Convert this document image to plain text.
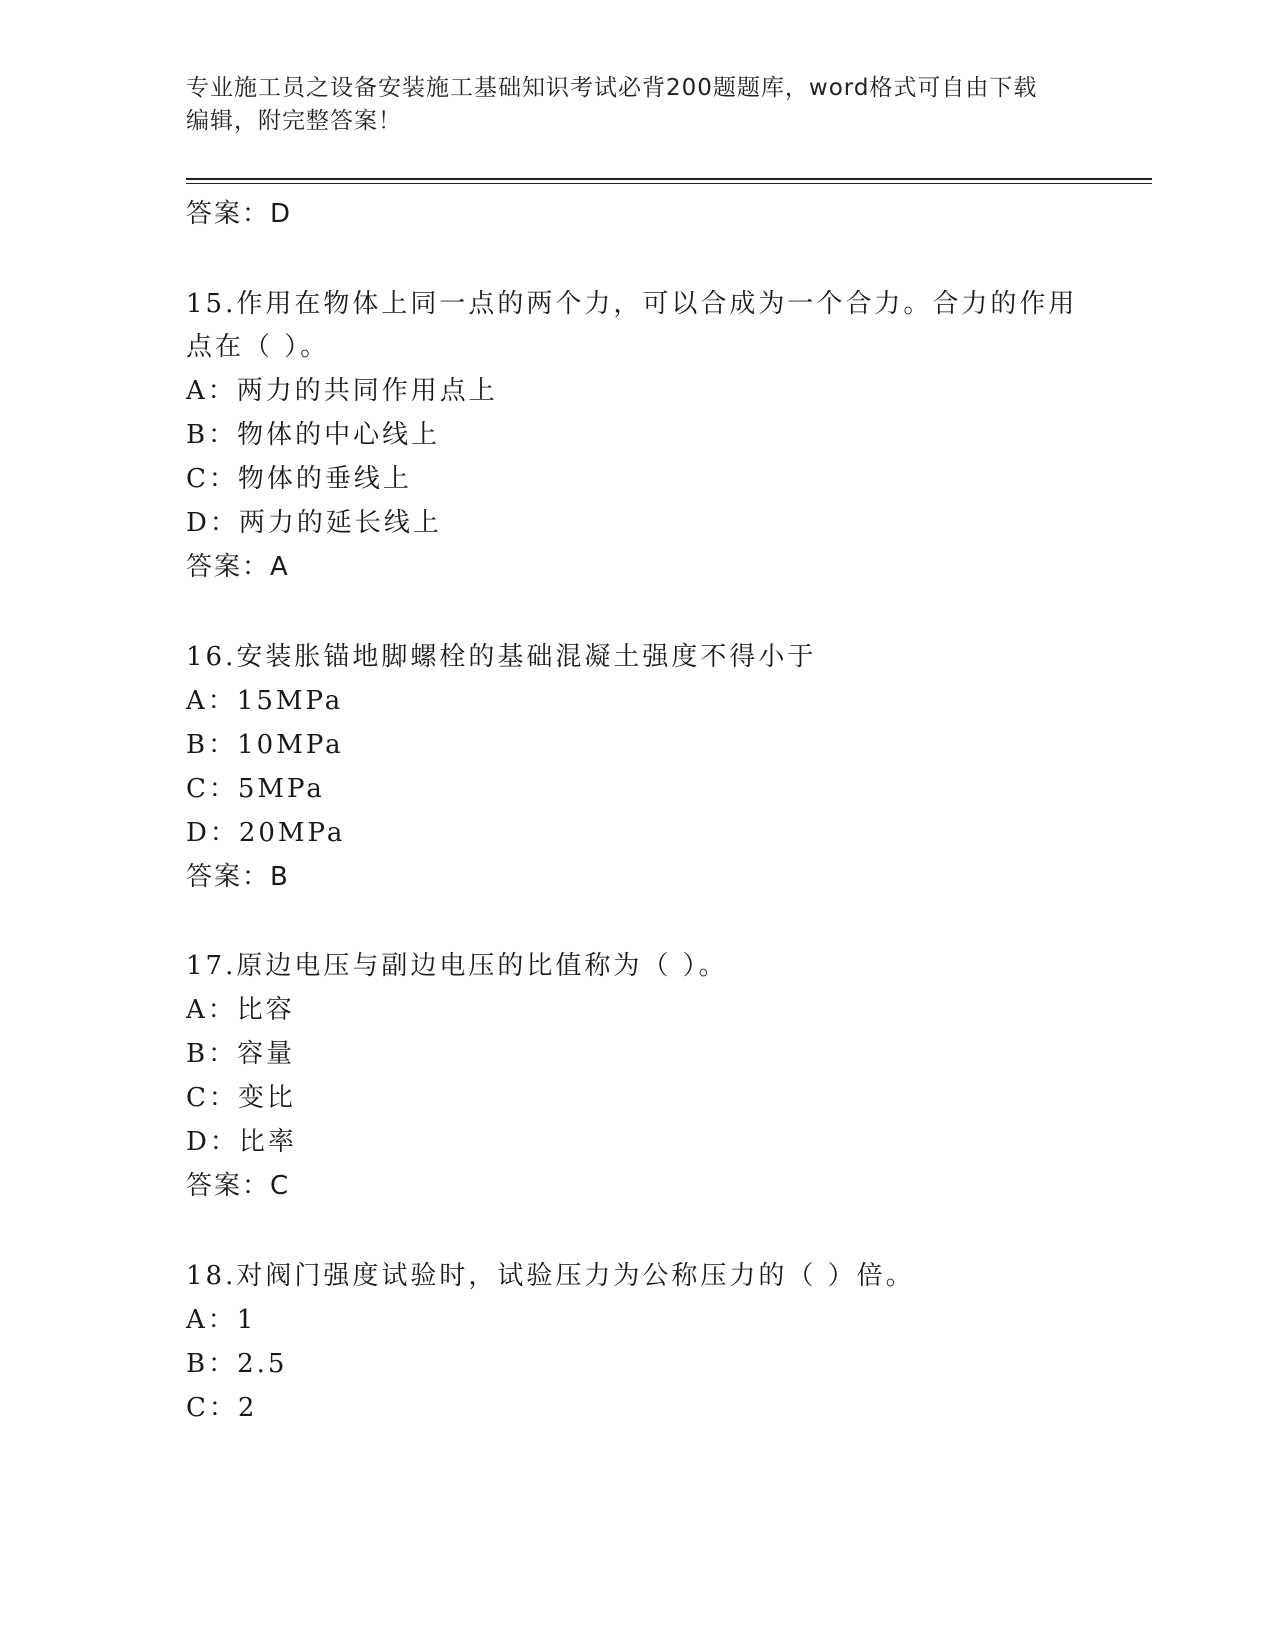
专业施工员之设备安装施工基础知识考试必背200题题库，word格式可自由下载
编辑，附完整答案！
答案：D
15.作用在物体上同一点的两个力，可以合成为一个合力。合力的作用
点在（ ）。
A：两力的共同作用点上
B：物体的中心线上
C：物体的垂线上
D：两力的延长线上
答案：A
16.安装胀锚地脚螺栓的基础混凝土强度不得小于
A：15MPa
B：10MPa
C：5MPa
D：20MPa
答案：B
17.原边电压与副边电压的比值称为（ ）。
A：比容
B：容量
C：变比
D：比率
答案：C
18.对阀门强度试验时，试验压力为公称压力的（ ）倍。
A：1
B：2.5
C：2
